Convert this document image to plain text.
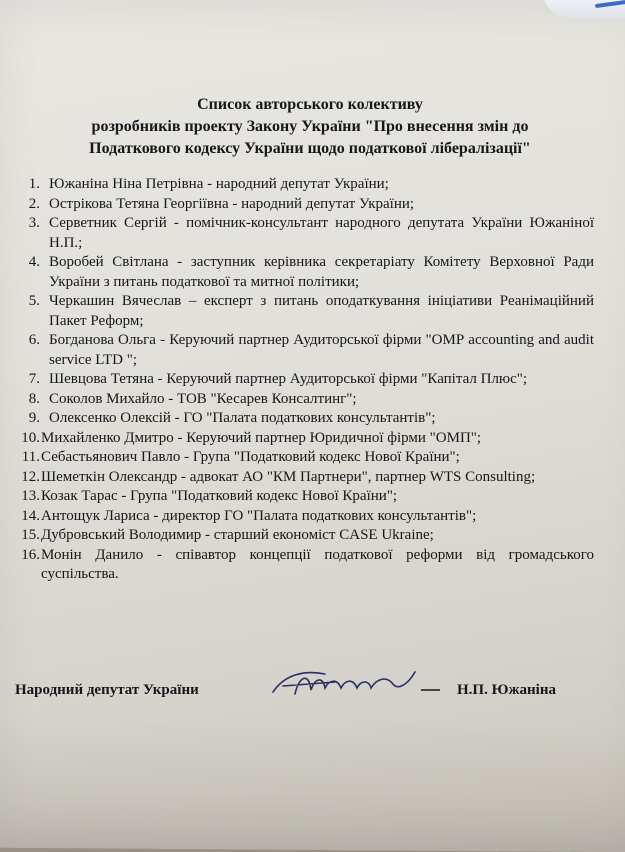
Список авторського колективу

розробників проекту Закону України "Про внесення змін до

Податкового кодексу України щодо податкової лібералізації"

1. Южаніна Ніна Петрівна - народний депутат України;
2. Острікова Тетяна Георгіївна - народний депутат України;
3. Серветник Сергій - помічник-консультант народного депутата України Южаніної Н.П.;
4. Воробей Світлана - заступник керівника секретаріату Комітету Верховної Ради України з питань податкової та митної політики;
5. Черкашин Вячеслав – експерт з питань оподаткування ініціативи Реанімаційний Пакет Реформ;
6. Богданова Ольга - Керуючий партнер Аудиторської фірми "ОМР accounting and audit service LTD ";
7. Шевцова Тетяна - Керуючий партнер Аудиторської фірми "Капітал Плюс";
8. Соколов Михайло - ТОВ "Кесарев Консалтинг";
9. Олексенко Олексій - ГО "Палата податкових консультантів";
10. Михайленко Дмитро - Керуючий партнер Юридичної фірми "ОМП";
11. Себастьянович Павло - Група "Податковий кодекс Нової Країни";
12. Шеметкін Олександр - адвокат АО "КМ Партнери", партнер WTS Consulting;
13. Козак Тарас - Група "Податковий кодекс Нової Країни";
14. Антощук Лариса - директор ГО "Палата податкових консультантів";
15. Дубровський Володимир - старший економіст CASE Ukraine;
16. Монін Данило - співавтор концепції податкової реформи від громадського суспільства.
Народний депутат України	Н.П. Южаніна
